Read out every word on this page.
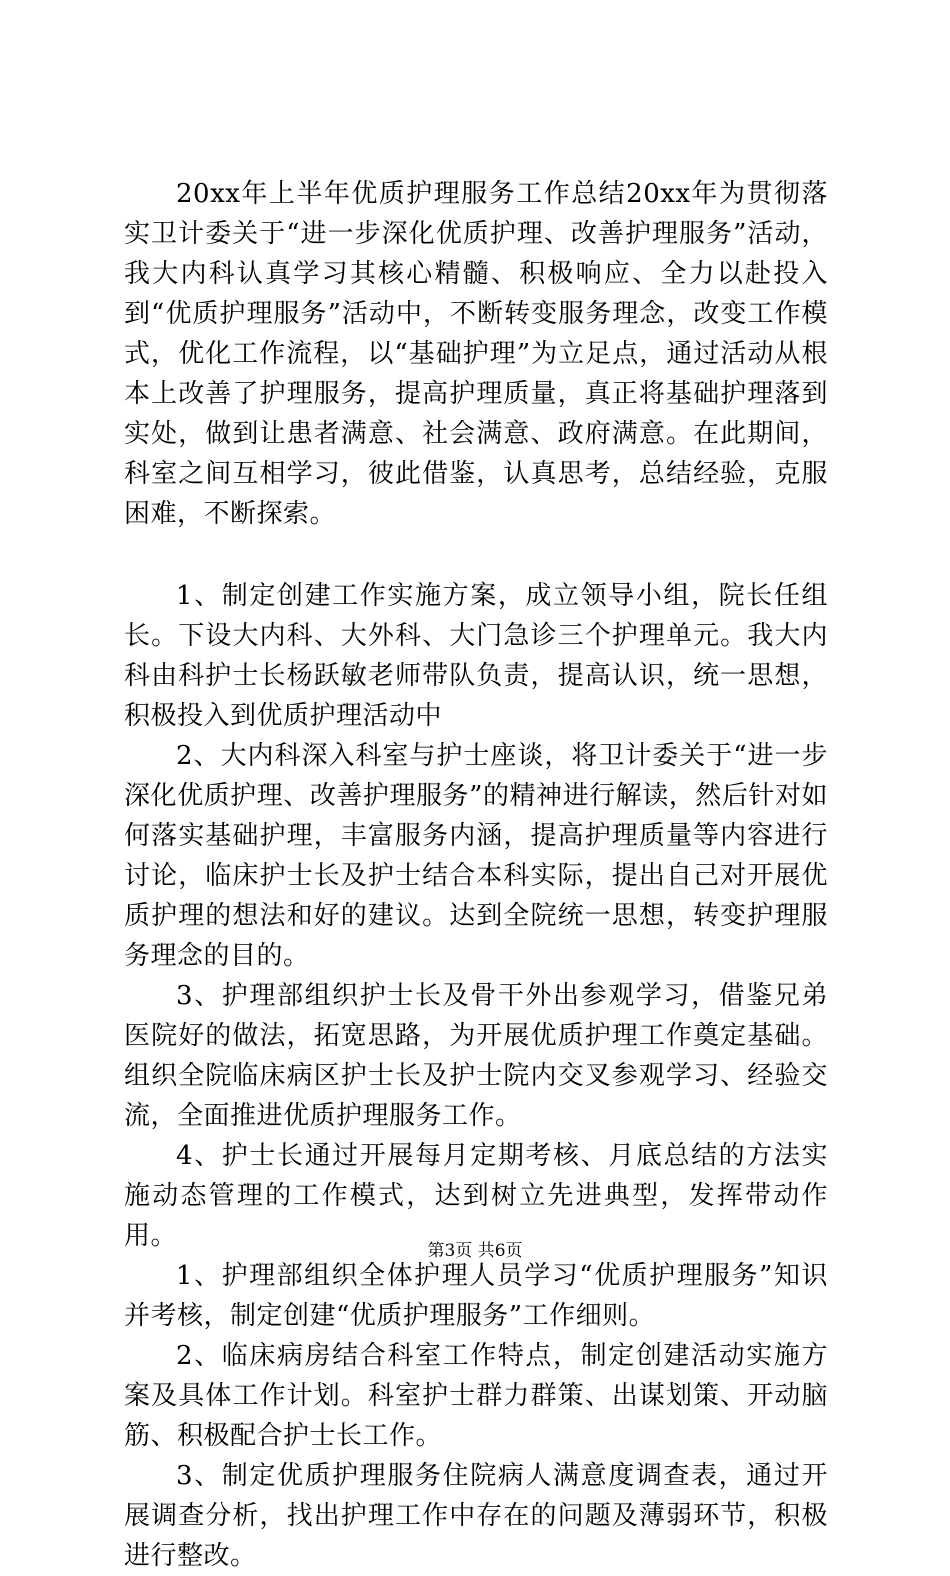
20xx年上半年优质护理服务工作总结20xx年为贯彻落实卫计委关于“进一步深化优质护理、改善护理服务”活动，我大内科认真学习其核心精髓、积极响应、全力以赴投入到“优质护理服务”活动中，不断转变服务理念，改变工作模式，优化工作流程，以“基础护理”为立足点，通过活动从根本上改善了护理服务，提高护理质量，真正将基础护理落到实处，做到让患者满意、社会满意、政府满意。在此期间，科室之间互相学习，彼此借鉴，认真思考，总结经验，克服困难，不断探索。

1、制定创建工作实施方案，成立领导小组，院长任组长。下设大内科、大外科、大门急诊三个护理单元。我大内科由科护士长杨跃敏老师带队负责，提高认识，统一思想，积极投入到优质护理活动中

2、大内科深入科室与护士座谈，将卫计委关于“进一步深化优质护理、改善护理服务”的精神进行解读，然后针对如何落实基础护理，丰富服务内涵，提高护理质量等内容进行讨论，临床护士长及护士结合本科实际，提出自己对开展优质护理的想法和好的建议。达到全院统一思想，转变护理服务理念的目的。

3、护理部组织护士长及骨干外出参观学习，借鉴兄弟医院好的做法，拓宽思路，为开展优质护理工作奠定基础。组织全院临床病区护士长及护士院内交叉参观学习、经验交流，全面推进优质护理服务工作。

4、护士长通过开展每月定期考核、月底总结的方法实施动态管理的工作模式，达到树立先进典型，发挥带动作用。

1、护理部组织全体护理人员学习“优质护理服务”知识并考核，制定创建“优质护理服务”工作细则。

2、临床病房结合科室工作特点，制定创建活动实施方案及具体工作计划。科室护士群力群策、出谋划策、开动脑筋、积极配合护士长工作。

3、制定优质护理服务住院病人满意度调查表，通过开展调查分析，找出护理工作中存在的问题及薄弱环节，积极进行整改。

第3页 共6页
